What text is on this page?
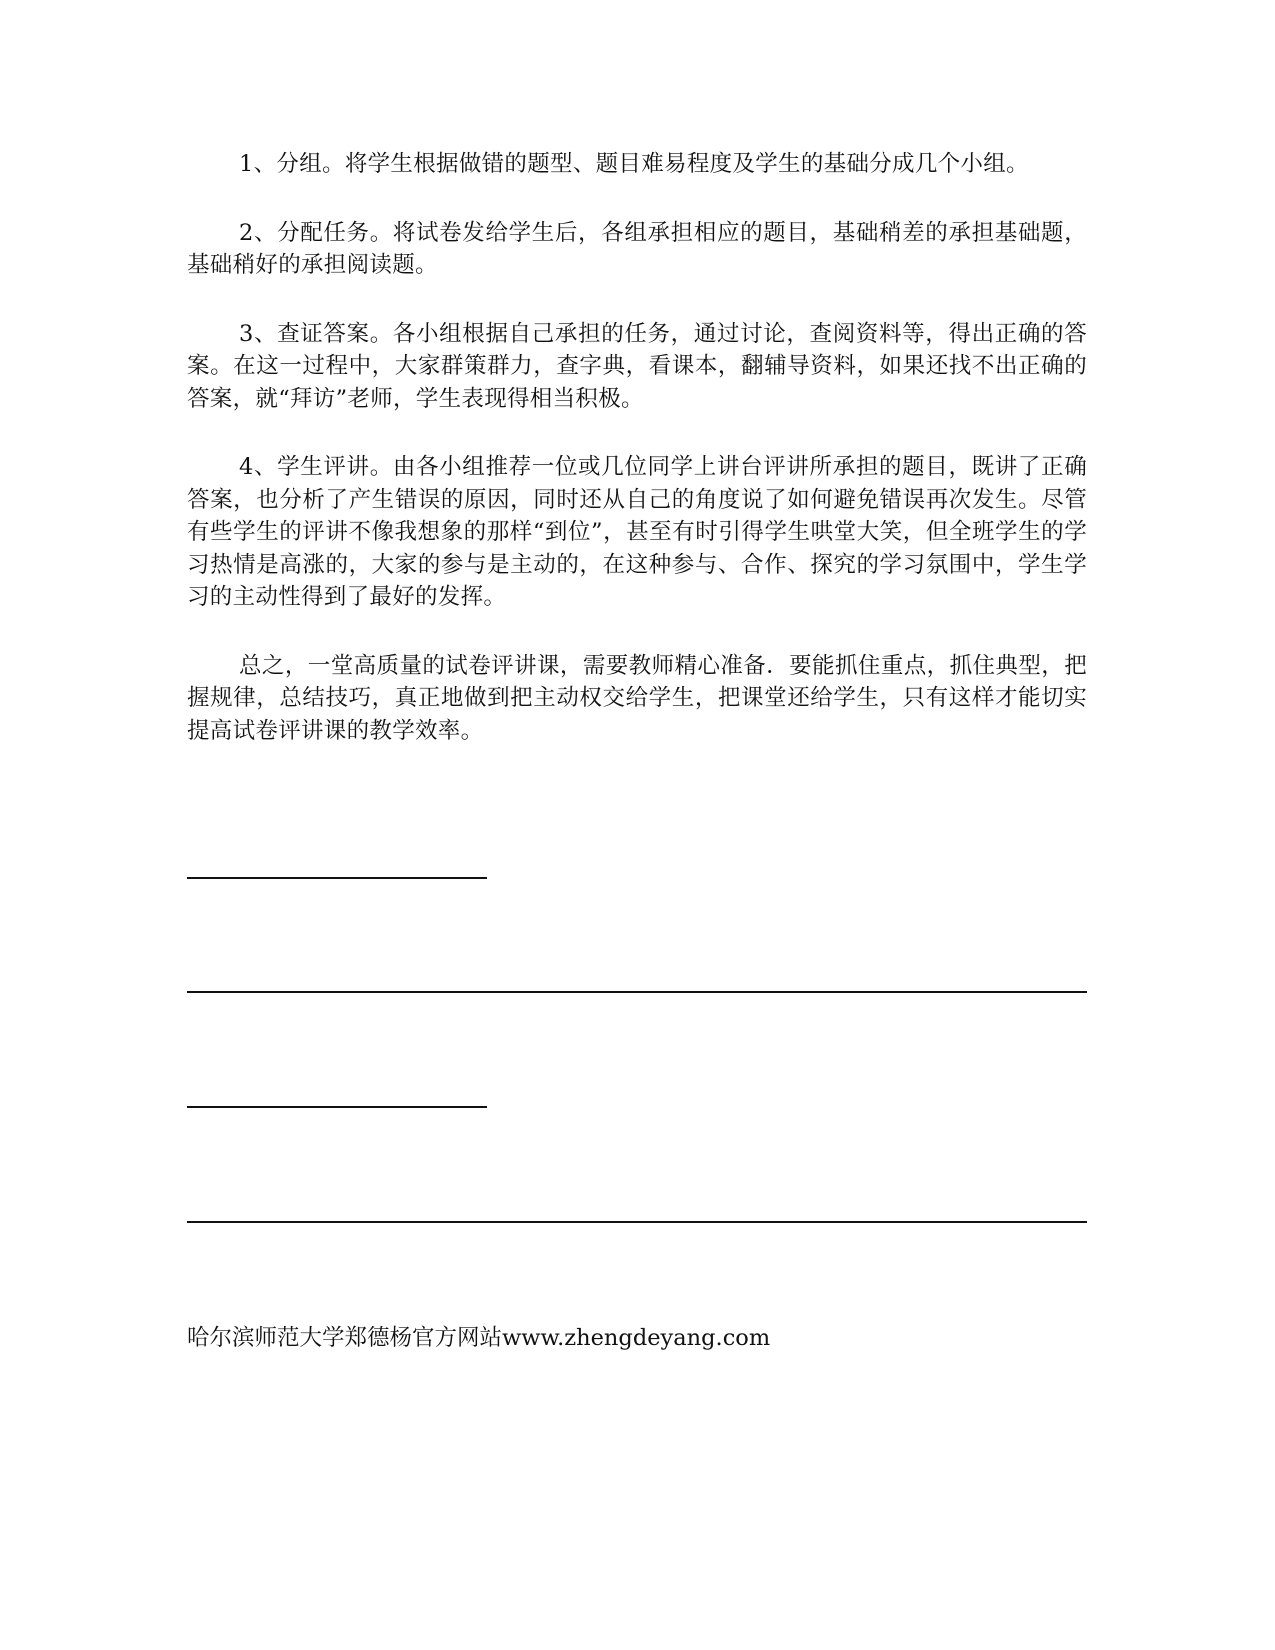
1、分组。将学生根据做错的题型、题目难易程度及学生的基础分成几个小组。

2、分配任务。将试卷发给学生后，各组承担相应的题目，基础稍差的承担基础题，基础稍好的承担阅读题。

3、查证答案。各小组根据自己承担的任务，通过讨论，查阅资料等，得出正确的答案。在这一过程中，大家群策群力，查字典，看课本，翻辅导资料，如果还找不出正确的答案，就“拜访”老师，学生表现得相当积极。

4、学生评讲。由各小组推荐一位或几位同学上讲台评讲所承担的题目，既讲了正确答案，也分析了产生错误的原因，同时还从自己的角度说了如何避免错误再次发生。尽管有些学生的评讲不像我想象的那样“到位”，甚至有时引得学生哄堂大笑，但全班学生的学习热情是高涨的，大家的参与是主动的，在这种参与、合作、探究的学习氛围中，学生学习的主动性得到了最好的发挥。

总之，一堂高质量的试卷评讲课，需要教师精心准备．要能抓住重点，抓住典型，把握规律，总结技巧，真正地做到把主动权交给学生，把课堂还给学生，只有这样才能切实提高试卷评讲课的教学效率。

哈尔滨师范大学郑德杨官方网站www.zhengdeyang.com
